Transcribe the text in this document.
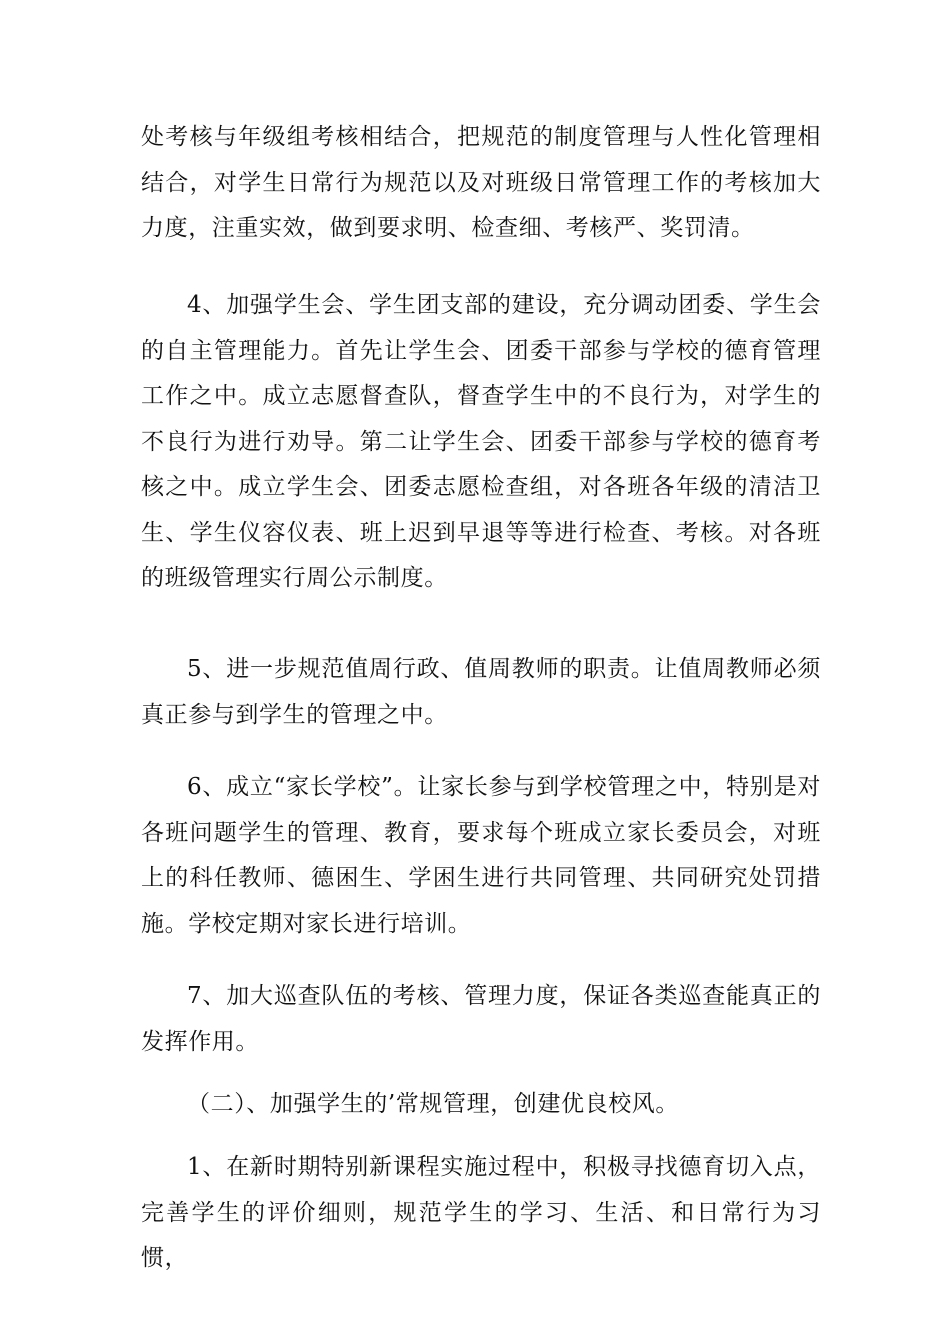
处考核与年级组考核相结合，把规范的制度管理与人性化管理相结合，对学生日常行为规范以及对班级日常管理工作的考核加大力度，注重实效，做到要求明、检查细、考核严、奖罚清。

4、加强学生会、学生团支部的建设，充分调动团委、学生会的自主管理能力。首先让学生会、团委干部参与学校的德育管理工作之中。成立志愿督查队，督查学生中的不良行为，对学生的不良行为进行劝导。第二让学生会、团委干部参与学校的德育考核之中。成立学生会、团委志愿检查组，对各班各年级的清洁卫生、学生仪容仪表、班上迟到早退等等进行检查、考核。对各班的班级管理实行周公示制度。

5、进一步规范值周行政、值周教师的职责。让值周教师必须真正参与到学生的管理之中。

6、成立“家长学校”。让家长参与到学校管理之中，特别是对各班问题学生的管理、教育，要求每个班成立家长委员会，对班上的科任教师、德困生、学困生进行共同管理、共同研究处罚措施。学校定期对家长进行培训。

7、加大巡查队伍的考核、管理力度，保证各类巡查能真正的发挥作用。

（二）、加强学生的’常规管理，创建优良校风。

1、在新时期特别新课程实施过程中，积极寻找德育切入点，完善学生的评价细则，规范学生的学习、生活、和日常行为习惯，
